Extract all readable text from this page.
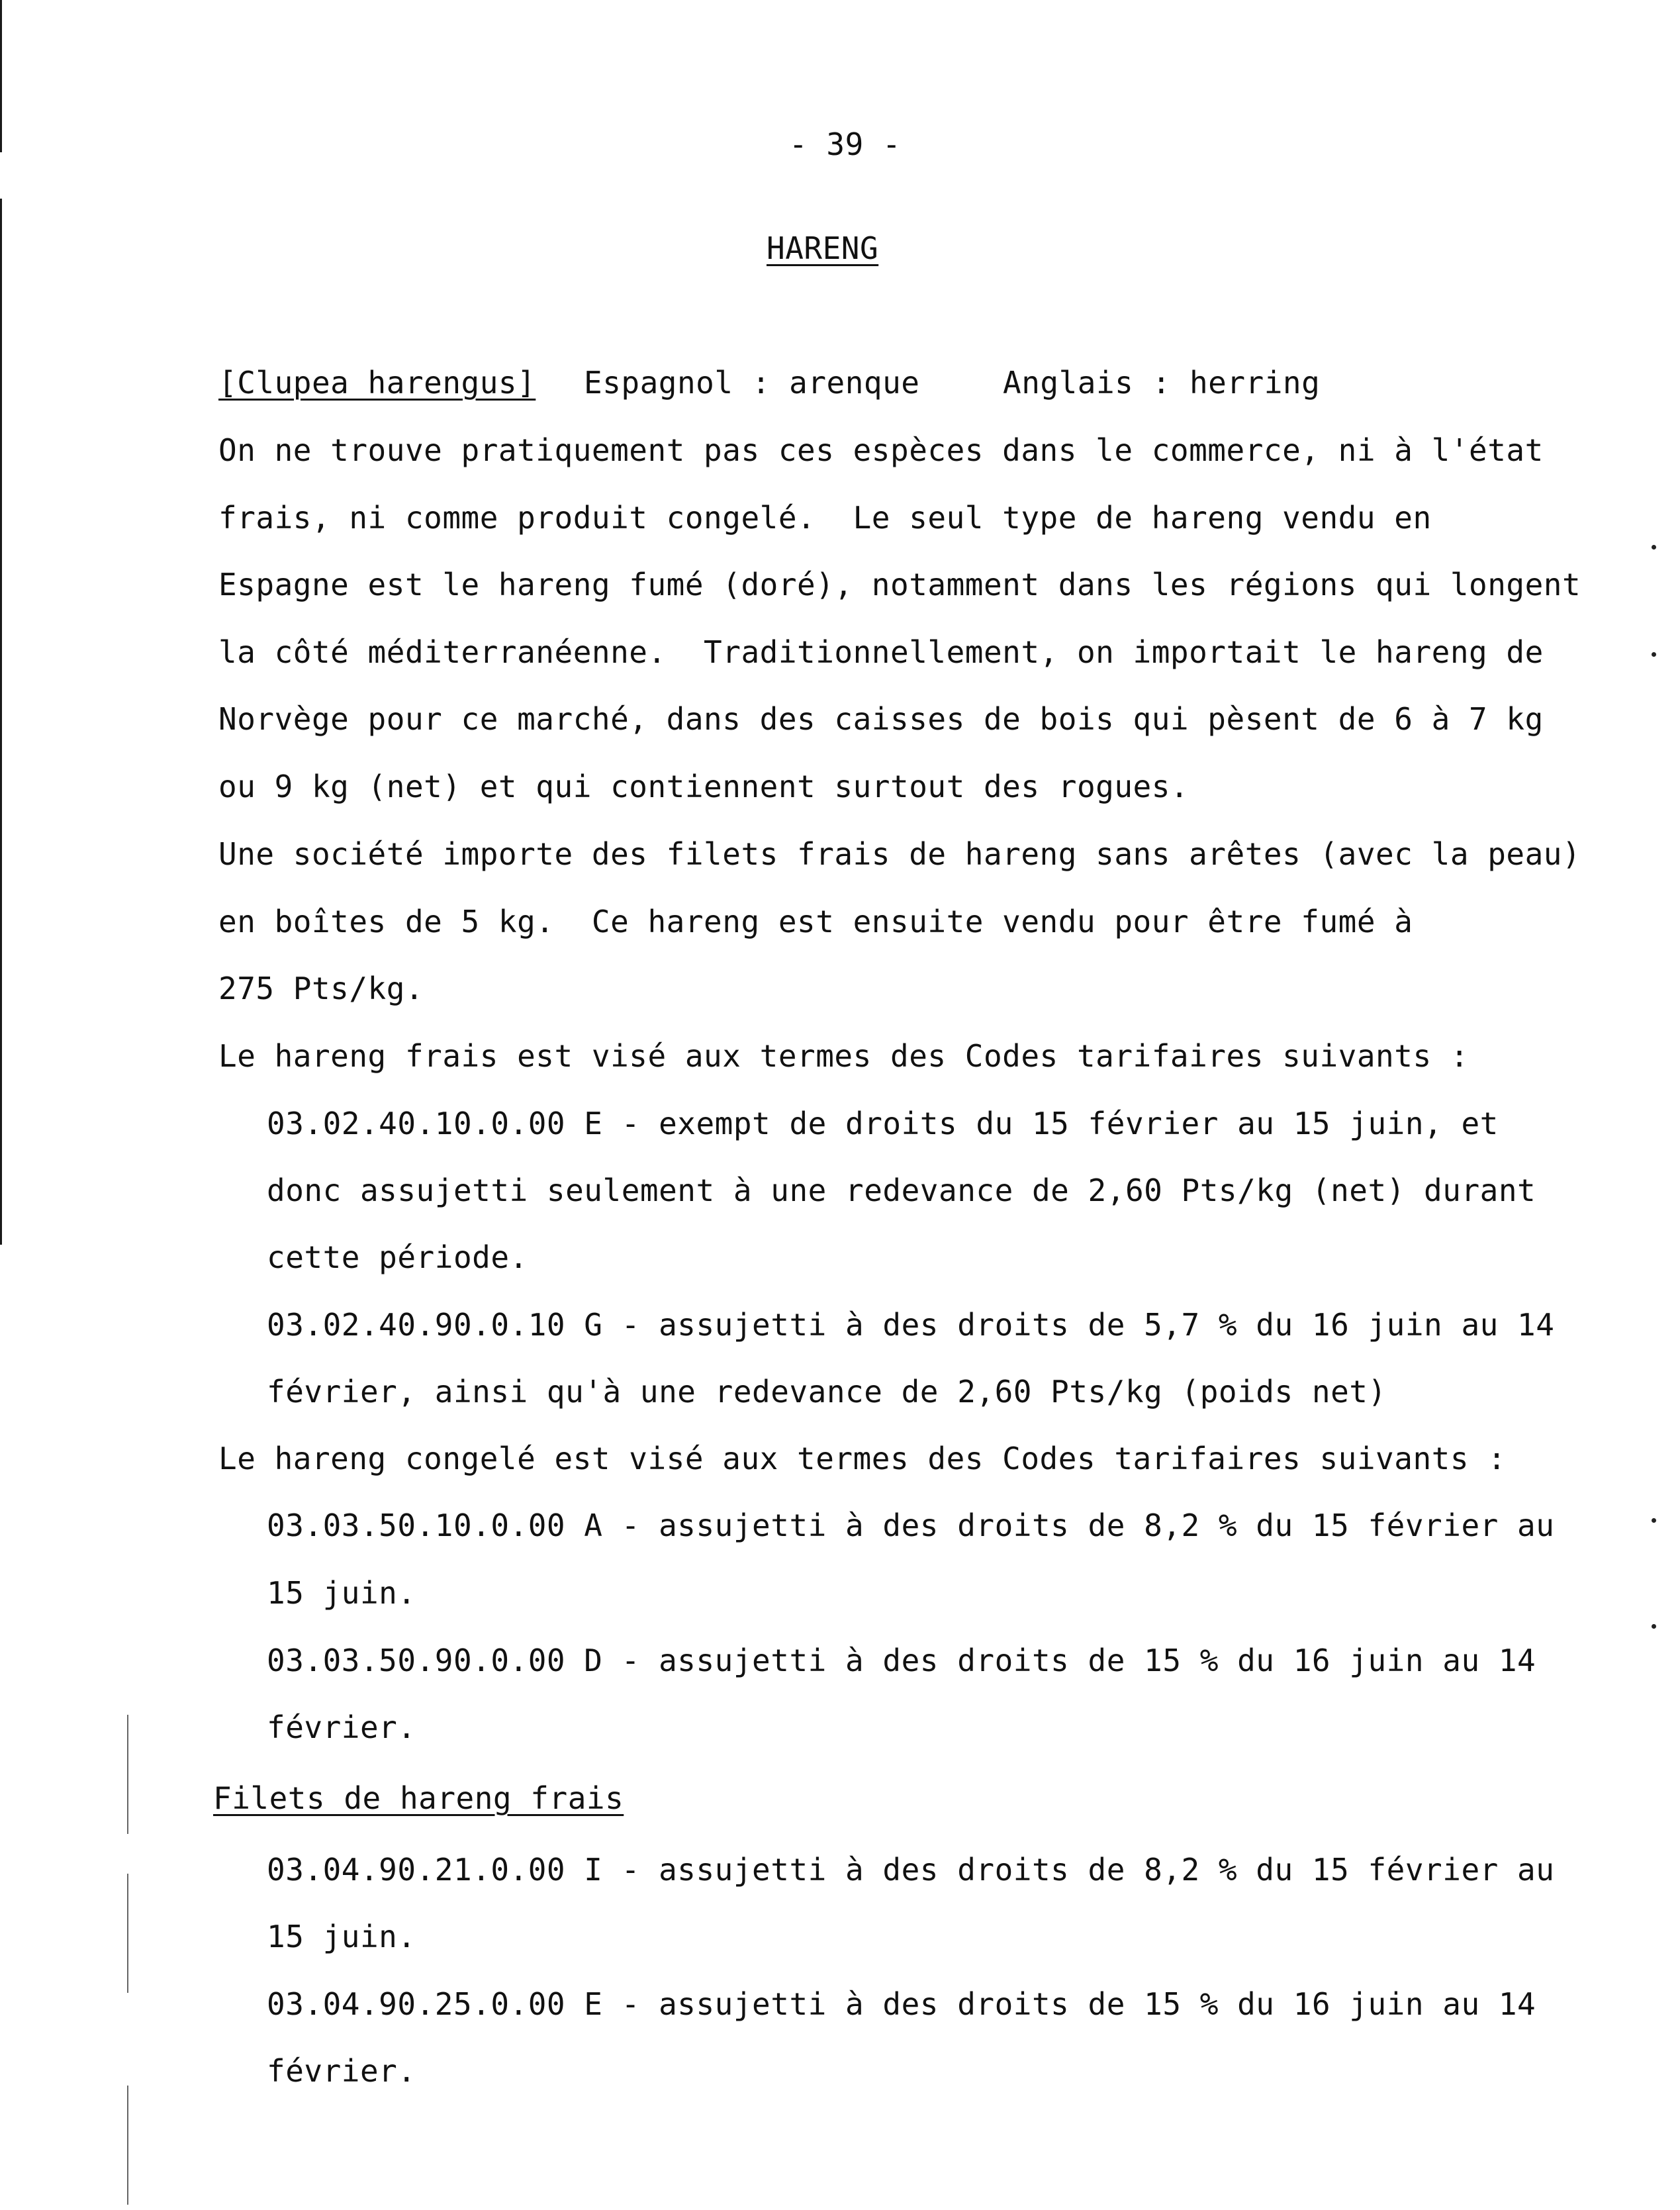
- 39 -
HARENG
[Clupea harengus] Espagnol : arenque	Anglais : herring
On ne trouve pratiquement pas ces espèces dans le commerce, ni à l'état
frais, ni comme produit congelé.  Le seul type de hareng vendu en
Espagne est le hareng fumé (doré), notamment dans les régions qui longent
la côté méditerranéenne.  Traditionnellement, on importait le hareng de
Norvège pour ce marché, dans des caisses de bois qui pèsent de 6 à 7 kg
ou 9 kg (net) et qui contiennent surtout des rogues.
Une société importe des filets frais de hareng sans arêtes (avec la peau)
en boîtes de 5 kg.  Ce hareng est ensuite vendu pour être fumé à
275 Pts/kg.
Le hareng frais est visé aux termes des Codes tarifaires suivants :
03.02.40.10.0.00 E - exempt de droits du 15 février au 15 juin, et
donc assujetti seulement à une redevance de 2,60 Pts/kg (net) durant
cette période.
03.02.40.90.0.10 G - assujetti à des droits de 5,7 % du 16 juin au 14
février, ainsi qu'à une redevance de 2,60 Pts/kg (poids net)
Le hareng congelé est visé aux termes des Codes tarifaires suivants :
03.03.50.10.0.00 A - assujetti à des droits de 8,2 % du 15 février au
15 juin.
03.03.50.90.0.00 D - assujetti à des droits de 15 % du 16 juin au 14
février.
Filets de hareng frais
03.04.90.21.0.00 I - assujetti à des droits de 8,2 % du 15 février au
15 juin.
03.04.90.25.0.00 E - assujetti à des droits de 15 % du 16 juin au 14
février.
